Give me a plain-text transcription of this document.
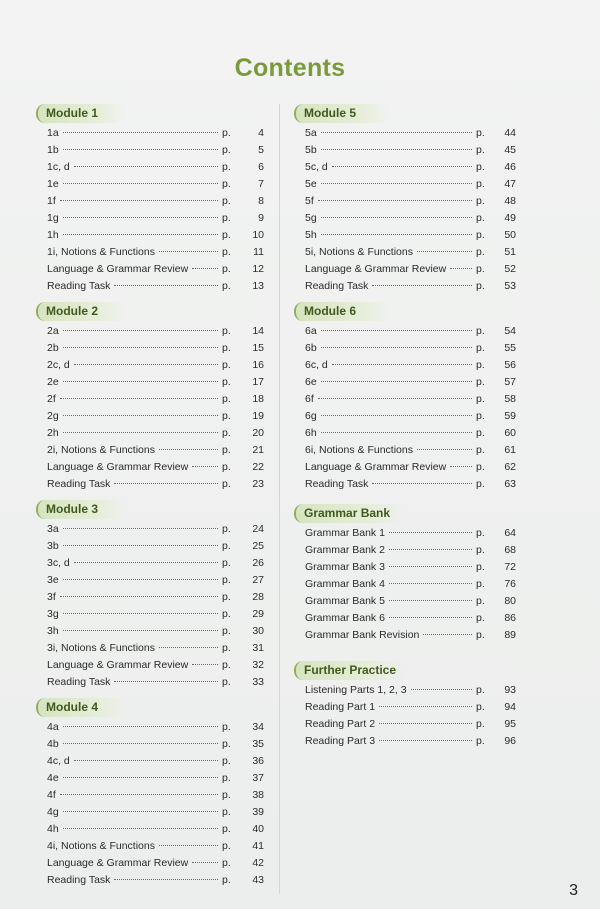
Contents
Module 1
1a	p.	4
1b	p.	5
1c, d	p.	6
1e	p.	7
1f	p.	8
1g	p.	9
1h	p.	10
1i, Notions & Functions	p.	11
Language & Grammar Review	p.	12
Reading Task	p.	13
Module 2
2a	p.	14
2b	p.	15
2c, d	p.	16
2e	p.	17
2f	p.	18
2g	p.	19
2h	p.	20
2i, Notions & Functions	p.	21
Language & Grammar Review	p.	22
Reading Task	p.	23
Module 3
3a	p.	24
3b	p.	25
3c, d	p.	26
3e	p.	27
3f	p.	28
3g	p.	29
3h	p.	30
3i, Notions & Functions	p.	31
Language & Grammar Review	p.	32
Reading Task	p.	33
Module 4
4a	p.	34
4b	p.	35
4c, d	p.	36
4e	p.	37
4f	p.	38
4g	p.	39
4h	p.	40
4i, Notions & Functions	p.	41
Language & Grammar Review	p.	42
Reading Task	p.	43
Module 5
5a	p.	44
5b	p.	45
5c, d	p.	46
5e	p.	47
5f	p.	48
5g	p.	49
5h	p.	50
5i, Notions & Functions	p.	51
Language & Grammar Review	p.	52
Reading Task	p.	53
Module 6
6a	p.	54
6b	p.	55
6c, d	p.	56
6e	p.	57
6f	p.	58
6g	p.	59
6h	p.	60
6i, Notions & Functions	p.	61
Language & Grammar Review	p.	62
Reading Task	p.	63
Grammar Bank
Grammar Bank 1	p.	64
Grammar Bank 2	p.	68
Grammar Bank 3	p.	72
Grammar Bank 4	p.	76
Grammar Bank 5	p.	80
Grammar Bank 6	p.	86
Grammar Bank Revision	p.	89
Further Practice
Listening Parts 1, 2, 3	p.	93
Reading Part 1	p.	94
Reading Part 2	p.	95
Reading Part 3	p.	96
3
